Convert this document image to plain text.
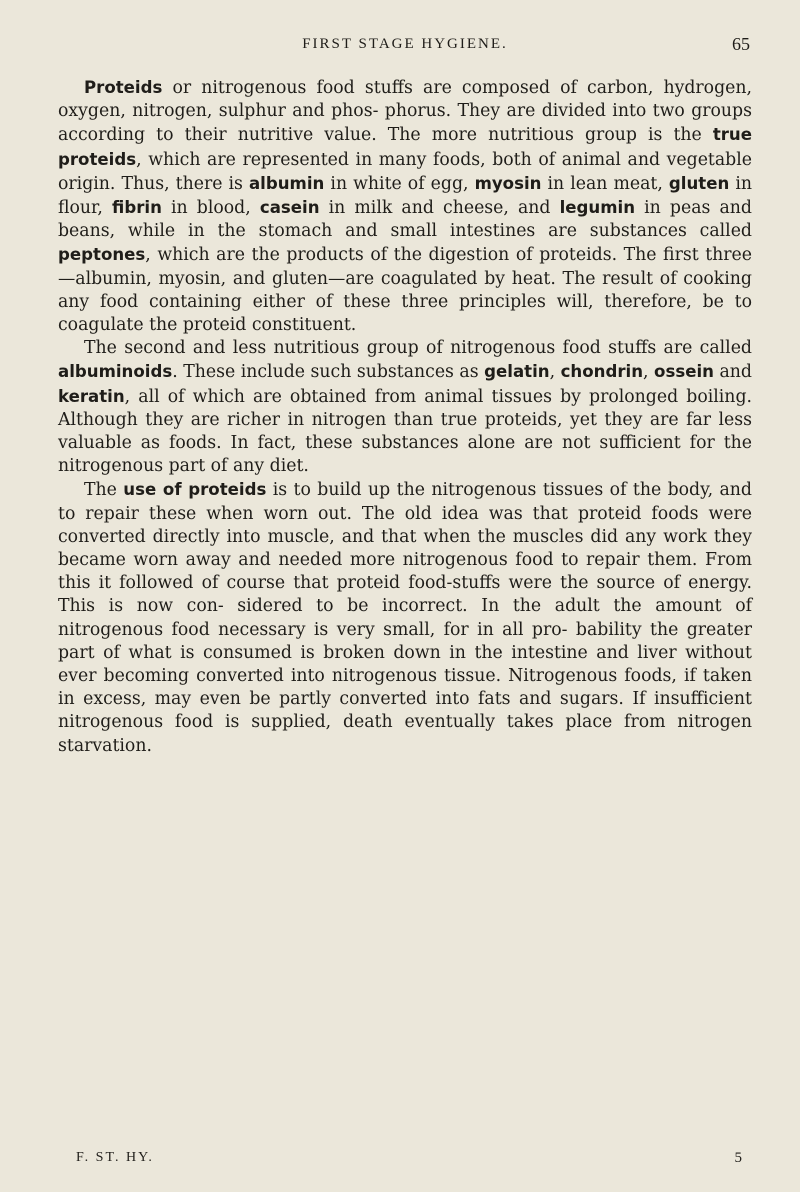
FIRST STAGE HYGIENE.	65

Proteids or nitrogenous food stuffs are composed of carbon, hydrogen, oxygen, nitrogen, sulphur and phos- phorus. They are divided into two groups according to their nutritive value. The more nutritious group is the true proteids, which are represented in many foods, both of animal and vegetable origin. Thus, there is albumin in white of egg, myosin in lean meat, gluten in flour, fibrin in blood, casein in milk and cheese, and legumin in peas and beans, while in the stomach and small intestines are substances called peptones, which are the products of the digestion of proteids. The first three—albumin, myosin, and gluten—are coagulated by heat. The result of cooking any food containing either of these three principles will, therefore, be to coagulate the proteid constituent.

The second and less nutritious group of nitrogenous food stuffs are called albuminoids. These include such substances as gelatin, chondrin, ossein and keratin, all of which are obtained from animal tissues by prolonged boiling. Although they are richer in nitrogen than true proteids, yet they are far less valuable as foods. In fact, these substances alone are not sufficient for the nitrogenous part of any diet.

The use of proteids is to build up the nitrogenous tissues of the body, and to repair these when worn out. The old idea was that proteid foods were converted directly into muscle, and that when the muscles did any work they became worn away and needed more nitrogenous food to repair them. From this it followed of course that proteid food-stuffs were the source of energy. This is now con- sidered to be incorrect. In the adult the amount of nitrogenous food necessary is very small, for in all pro- bability the greater part of what is consumed is broken down in the intestine and liver without ever becoming converted into nitrogenous tissue. Nitrogenous foods, if taken in excess, may even be partly converted into fats and sugars. If insufficient nitrogenous food is supplied, death eventually takes place from nitrogen starvation.

F. ST. HY.	5
